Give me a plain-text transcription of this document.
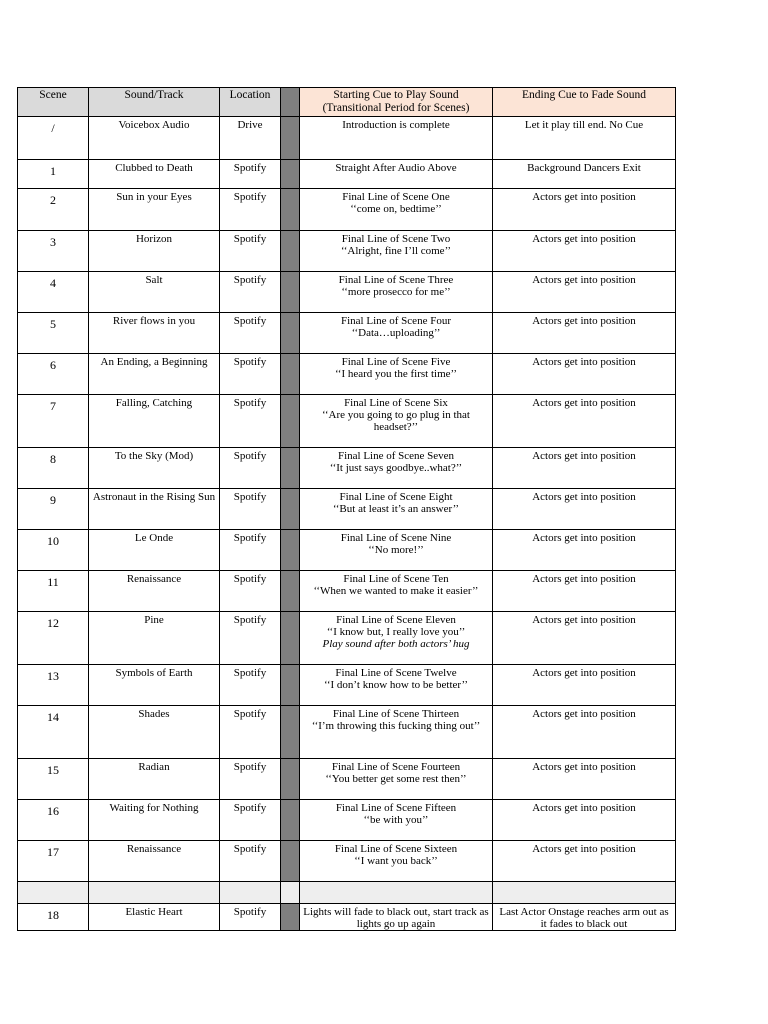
Scene	Sound/Track	Location		Starting Cue to Play Sound
(Transitional Period for Scenes)	Ending Cue to Fade Sound
/	Voicebox Audio	Drive		Introduction is complete	Let it play till end. No Cue
1	Clubbed to Death	Spotify		Straight After Audio Above	Background Dancers Exit
2	Sun in your Eyes	Spotify		Final Line of Scene One
‘‘come on, bedtime’’	Actors get into position
3	Horizon	Spotify		Final Line of Scene Two
‘‘Alright, fine I’ll come’’	Actors get into position
4	Salt	Spotify		Final Line of Scene Three
‘‘more prosecco for me’’	Actors get into position
5	River flows in you	Spotify		Final Line of Scene Four
‘‘Data…uploading’’	Actors get into position
6	An Ending, a Beginning	Spotify		Final Line of Scene Five
‘‘I heard you the first time’’	Actors get into position
7	Falling, Catching	Spotify		Final Line of Scene Six
‘‘Are you going to go plug in that headset?’’	Actors get into position
8	To the Sky (Mod)	Spotify		Final Line of Scene Seven
‘‘It just says goodbye..what?’’	Actors get into position
9	Astronaut in the Rising Sun	Spotify		Final Line of Scene Eight
‘‘But at least it’s an answer’’	Actors get into position
10	Le Onde	Spotify		Final Line of Scene Nine
‘‘No more!’’	Actors get into position
11	Renaissance	Spotify		Final Line of Scene Ten
‘‘When we wanted to make it easier’’	Actors get into position
12	Pine	Spotify		Final Line of Scene Eleven
‘‘I know but, I really love you’’
Play sound after both actors’ hug	Actors get into position
13	Symbols of Earth	Spotify		Final Line of Scene Twelve
‘‘I don’t know how to be better’’	Actors get into position
14	Shades	Spotify		Final Line of Scene Thirteen
‘‘I’m throwing this fucking thing out’’	Actors get into position
15	Radian	Spotify		Final Line of Scene Fourteen
‘‘You better get some rest then’’	Actors get into position
16	Waiting for Nothing	Spotify		Final Line of Scene Fifteen
‘‘be with you’’	Actors get into position
17	Renaissance	Spotify		Final Line of Scene Sixteen
‘‘I want you back’’	Actors get into position

18	Elastic Heart	Spotify		Lights will fade to black out, start track as lights go up again	Last Actor Onstage reaches arm out as it fades to black out
